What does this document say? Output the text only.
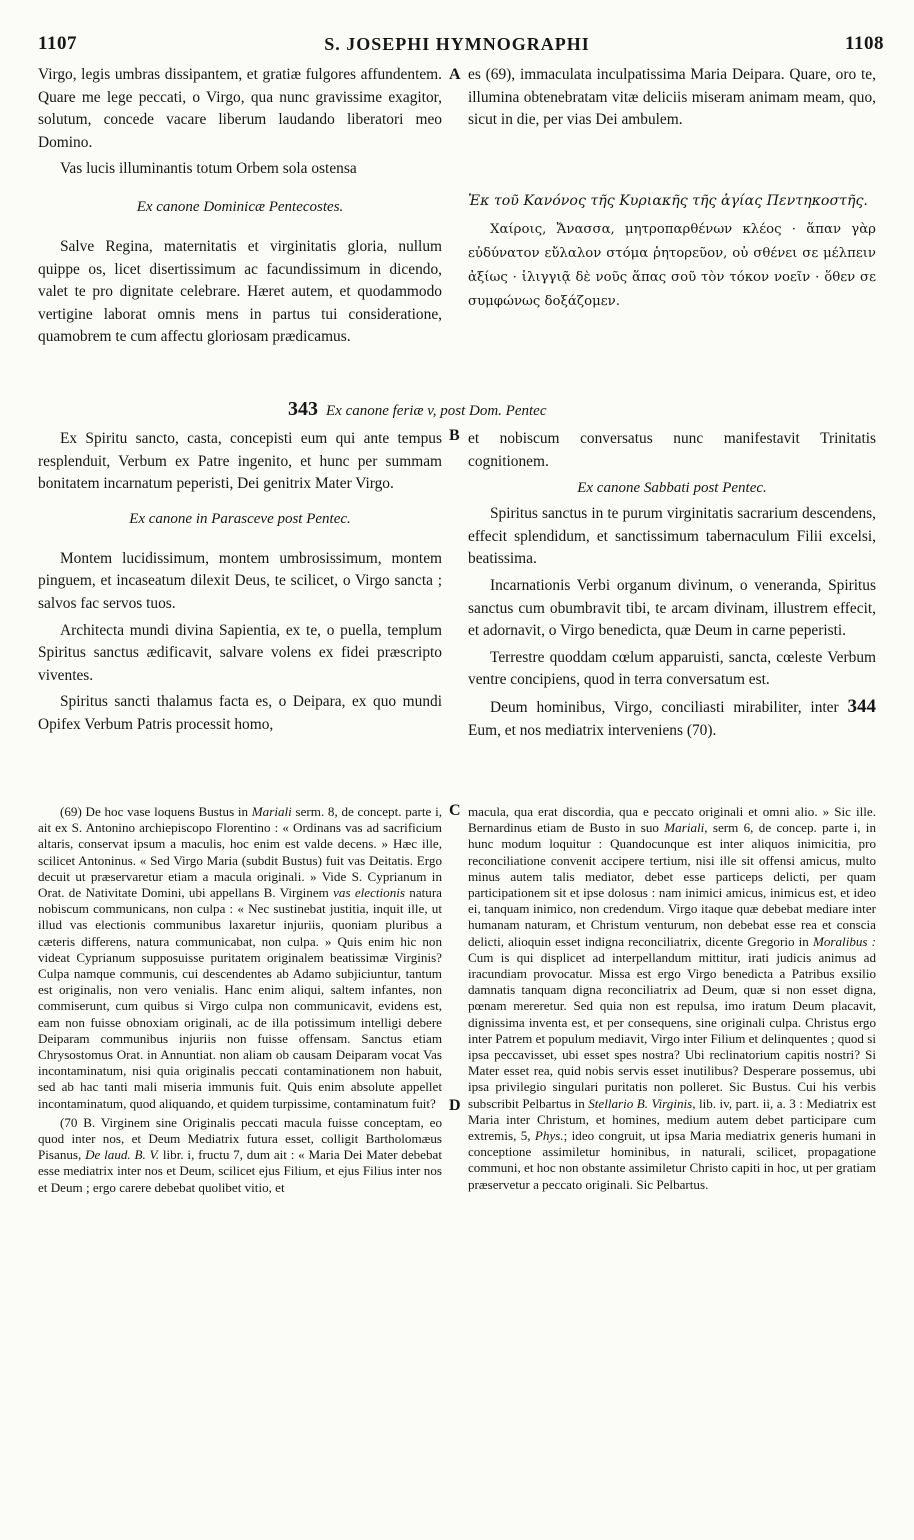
1107	S. JOSEPHI HYMNOGRAPHI	1108
A
B
C
D

Virgo, legis umbras dissipantem, et gratiæ fulgores affundentem. Quare me lege peccati, o Virgo, qua nunc gravissime exagitor, solutum, concede vacare liberum laudando liberatori meo Domino.

Vas lucis illuminantis totum Orbem sola ostensa

es (69), immaculata inculpatissima Maria Deipara. Quare, oro te, illumina obtenebratam vitæ deliciis miseram animam meam, quo, sicut in die, per vias Dei ambulem.

Ex canone Dominicæ Pentecostes.

Salve Regina, maternitatis et virginitatis gloria, nullum quippe os, licet disertissimum ac facundissimum in dicendo, valet te pro dignitate celebrare. Hæret autem, et quodammodo vertigine laborat omnis mens in partus tui consideratione, quamobrem te cum affectu gloriosam prædicamus.

Ἐκ τοῦ Κανόνος τῆς Κυριακῆς τῆς ἁγίας Πεντηκοστῆς.

Χαίροις, Ἄνασσα, μητροπαρθένων κλέος · ἅπαν γὰρ εὐδύνατον εὔλαλον στόμα ῥητορεῦον, οὐ σθένει σε μέλπειν ἀξίως · ἰλιγγιᾷ δὲ νοῦς ἅπας σοῦ τὸν τόκον νοεῖν · ὅθεν σε συμφώνως δοξάζομεν.

343 Ex canone feriæ v, post Dom. Pentec

Ex Spiritu sancto, casta, concepisti eum qui ante tempus resplenduit, Verbum ex Patre ingenito, et hunc per summam bonitatem incarnatum peperisti, Dei genitrix Mater Virgo.

Ex canone in Parasceve post Pentec.

Montem lucidissimum, montem umbrosissimum, montem pinguem, et incaseatum dilexit Deus, te scilicet, o Virgo sancta ; salvos fac servos tuos.

Architecta mundi divina Sapientia, ex te, o puella, templum Spiritus sanctus ædificavit, salvare volens ex fidei præscripto viventes.

Spiritus sancti thalamus facta es, o Deipara, ex quo mundi Opifex Verbum Patris processit homo,

et nobiscum conversatus nunc manifestavit Trinitatis cognitionem.

Ex canone Sabbati post Pentec.

Spiritus sanctus in te purum virginitatis sacrarium descendens, effecit splendidum, et sanctissimum tabernaculum Filii excelsi, beatissima.

Incarnationis Verbi organum divinum, o veneranda, Spiritus sanctus cum obumbravit tibi, te arcam divinam, illustrem effecit, et adornavit, o Virgo benedicta, quæ Deum in carne peperisti.

Terrestre quoddam cœlum apparuisti, sancta, cœleste Verbum ventre concipiens, quod in terra conversatum est.

Deum hominibus, Virgo, conciliasti mirabiliter, inter 344 Eum, et nos mediatrix interveniens (70).

(69) De hoc vase loquens Bustus in Mariali serm. 8, de concept. parte i, ait ex S. Antonino archiepiscopo Florentino : « Ordinans vas ad sacrificium altaris, conservat ipsum a maculis, hoc enim est valde decens. » Hæc ille, scilicet Antoninus. « Sed Virgo Maria (subdit Bustus) fuit vas Deitatis. Ergo decuit ut præservaretur etiam a macula originali. » Vide S. Cyprianum in Orat. de Nativitate Domini, ubi appellans B. Virginem vas electionis natura nobiscum communicans, non culpa : « Nec sustinebat justitia, inquit ille, ut illud vas electionis communibus laxaretur injuriis, quoniam pluribus a cæteris differens, natura communicabat, non culpa. » Quis enim hic non videat Cyprianum supposuisse puritatem originalem beatissimæ Virginis? Culpa namque communis, cui descendentes ab Adamo subjiciuntur, tantum est originalis, non vero venialis. Hanc enim aliqui, saltem infantes, non commiserunt, cum quibus si Virgo culpa non communicavit, evidens est, eam non fuisse obnoxiam originali, ac de illa potissimum intelligi debere Deiparam communibus injuriis non fuisse offensam. Sanctus etiam Chrysostomus Orat. in Annuntiat. non aliam ob causam Deiparam vocat Vas incontaminatum, nisi quia originalis peccati contaminationem non habuit, sed ab hac tanti mali miseria immunis fuit. Quis enim absolute appellet incontaminatum, quod aliquando, et quidem turpissime, contaminatum fuit?

(70 B. Virginem sine Originalis peccati macula fuisse conceptam, eo quod inter nos, et Deum Mediatrix futura esset, colligit Bartholomæus Pisanus, De laud. B. V. libr. i, fructu 7, dum ait : « Maria Dei Mater debebat esse mediatrix inter nos et Deum, scilicet ejus Filium, et ejus Filius inter nos et Deum ; ergo carere debebat quolibet vitio, et

macula, qua erat discordia, qua e peccato originali et omni alio. » Sic ille. Bernardinus etiam de Busto in suo Mariali, serm 6, de concep. parte i, in hunc modum loquitur : Quandocunque est inter aliquos inimicitia, pro reconciliatione convenit accipere tertium, nisi ille sit offensi amicus, multo minus autem talis mediator, debet esse particeps delicti, per quam participationem sit et ipse dolosus : nam inimici amicus, inimicus est, et ideo ei, tanquam inimico, non credendum. Virgo itaque quæ debebat mediare inter humanam naturam, et Christum venturum, non debebat esse rea et conscia delicti, alioquin esset indigna reconciliatrix, dicente Gregorio in Moralibus : Cum is qui displicet ad interpellandum mittitur, irati judicis animus ad iracundiam provocatur. Missa est ergo Virgo benedicta a Patribus exsilio damnatis tanquam digna reconciliatrix ad Deum, quæ si non esset digna, pœnam mereretur. Sed quia non est repulsa, imo iratum Deum placavit, dignissima inventa est, et per consequens, sine originali culpa. Christus ergo inter Patrem et populum mediavit, Virgo inter Filium et delinquentes ; quod si ipsa peccavisset, ubi esset spes nostra? Ubi reclinatorium capitis nostri? Si Mater esset rea, quid nobis servis esset inutilibus? Desperare possemus, ubi ipsa privilegio singulari puritatis non polleret. Sic Bustus. Cui his verbis subscribit Pelbartus in Stellario B. Virginis, lib. iv, part. ii, a. 3 : Mediatrix est Maria inter Christum, et homines, medium autem debet participare cum extremis, 5, Phys.; ideo congruit, ut ipsa Maria mediatrix generis humani in conceptione assimiletur hominibus, in naturali, scilicet, propagatione communi, et hoc non obstante assimiletur Christo capiti in hoc, ut per gratiam præservetur a peccato originali. Sic Pelbartus.
